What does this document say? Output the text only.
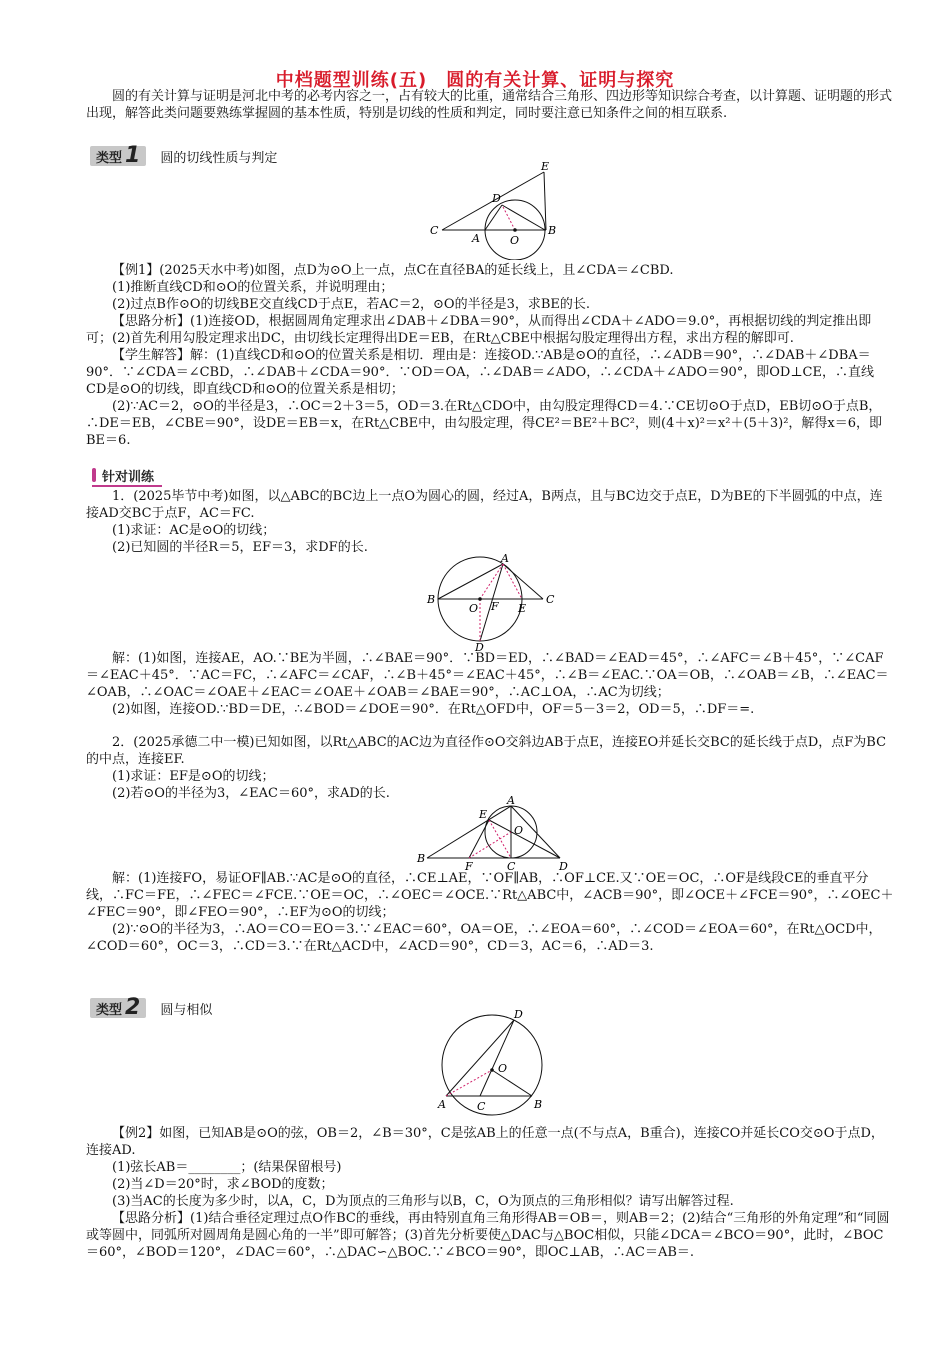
中档题型训练(五)　圆的有关计算、证明与探究

圆的有关计算与证明是河北中考的必考内容之一，占有较大的比重，通常结合三角形、四边形等知识综合考查，以计算题、证明题的形式出现，解答此类问题要熟练掌握圆的基本性质，特别是切线的性质和判定，同时要注意已知条件之间的相互联系.

类型 1 圆的切线性质与判定
E
D
C
A	O
B

【例1】(2025天水中考)如图，点D为⊙O上一点，点C在直径BA的延长线上，且∠CDA＝∠CBD.

(1)推断直线CD和⊙O的位置关系，并说明理由；

(2)过点B作⊙O的切线BE交直线CD于点E，若AC＝2，⊙O的半径是3，求BE的长.

【思路分析】(1)连接OD，根据圆周角定理求出∠DAB＋∠DBA＝90°，从而得出∠CDA＋∠ADO＝9.0°，再根据切线的判定推出即可；(2)首先利用勾股定理求出DC，由切线长定理得出DE＝EB，在Rt△CBE中根据勾股定理得出方程，求出方程的解即可.

【学生解答】解：(1)直线CD和⊙O的位置关系是相切．理由是：连接OD.∵AB是⊙O的直径，∴∠ADB＝90°，∴∠DAB＋∠DBA＝90°．∵∠CDA＝∠CBD，∴∠DAB＋∠CDA＝90°．∵OD＝OA，∴∠DAB＝∠ADO，∴∠CDA＋∠ADO＝90°，即OD⊥CE，∴直线CD是⊙O的切线，即直线CD和⊙O的位置关系是相切；

(2)∵AC＝2，⊙O的半径是3，∴OC＝2＋3＝5，OD＝3.在Rt△CDO中，由勾股定理得CD＝4.∵CE切⊙O于点D，EB切⊙O于点B，∴DE＝EB，∠CBE＝90°，设DE＝EB＝x，在Rt△CBE中，由勾股定理，得CE²＝BE²＋BC²，则(4＋x)²＝x²＋(5＋3)²，解得x＝6，即BE＝6.

针对训练

1．(2025毕节中考)如图，以△ABC的BC边上一点O为圆心的圆，经过A，B两点，且与BC边交于点E，D为BE的下半圆弧的中点，连接AD交BC于点F，AC＝FC.

(1)求证：AC是⊙O的切线；

(2)已知圆的半径R＝5，EF＝3，求DF的长.

A
B
O F E
C
D

解：(1)如图，连接AE，AO.∵BE为半圆，∴∠BAE＝90°．∵BD＝ED，∴∠BAD＝∠EAD＝45°，∴∠AFC＝∠B＋45°，∵∠CAF＝∠EAC＋45°．∵AC＝FC，∴∠AFC＝∠CAF，∴∠B＋45°＝∠EAC＋45°，∴∠B＝∠EAC.∵OA＝OB，∴∠OAB＝∠B，∴∠EAC＝∠OAB，∴∠OAC＝∠OAE＋∠EAC＝∠OAE＋∠OAB＝∠BAE＝90°，∴AC⊥OA，∴AC为切线；

(2)如图，连接OD.∵BD＝DE，∴∠BOD＝∠DOE＝90°．在Rt△OFD中，OF＝5－3＝2，OD＝5，∴DF＝=.

2．(2025承德二中一模)已知如图，以Rt△ABC的AC边为直径作⊙O交斜边AB于点E，连接EO并延长交BC的延长线于点D，点F为BC的中点，连接EF.

(1)求证：EF是⊙O的切线；

(2)若⊙O的半径为3，∠EAC＝60°，求AD的长.	A
E
O
B
F	C	D

解：(1)连接FO，易证OF∥AB.∵AC是⊙O的直径，∴CE⊥AE，∵OF∥AB，∴OF⊥CE.又∵OE＝OC，∴OF是线段CE的垂直平分线，∴FC＝FE，∴∠FEC＝∠FCE.∵OE＝OC，∴∠OEC＝∠OCE.∵Rt△ABC中，∠ACB＝90°，即∠OCE＋∠FCE＝90°，∴∠OEC＋∠FEC＝90°，即∠FEO＝90°，∴EF为⊙O的切线；

(2)∵⊙O的半径为3，∴AO＝CO＝EO＝3.∵∠EAC＝60°，OA＝OE，∴∠EOA＝60°，∴∠COD＝∠EOA＝60°，在Rt△OCD中，∠COD＝60°，OC＝3，∴CD＝3.∵在Rt△ACD中，∠ACD＝90°，CD＝3，AC＝6，∴AD＝3.

类型 2 圆与相似	D
O
A	C	B

【例2】如图，已知AB是⊙O的弦，OB＝2，∠B＝30°，C是弦AB上的任意一点(不与点A，B重合)，连接CO并延长CO交⊙O于点D，连接AD.

(1)弦长AB＝________；(结果保留根号)

(2)当∠D＝20°时，求∠BOD的度数；

(3)当AC的长度为多少时，以A，C，D为顶点的三角形与以B，C，O为顶点的三角形相似？请写出解答过程.

【思路分析】(1)结合垂径定理过点O作BC的垂线，再由特别直角三角形得AB＝OB＝，则AB＝2；(2)结合“三角形的外角定理”和“同圆或等圆中，同弧所对圆周角是圆心角的一半”即可解答；(3)首先分析要使△DAC与△BOC相似，只能∠DCA＝∠BCO＝90°，此时，∠BOC＝60°，∠BOD＝120°，∠DAC＝60°，∴△DAC∽△BOC.∵∠BCO＝90°，即OC⊥AB，∴AC＝AB＝.
